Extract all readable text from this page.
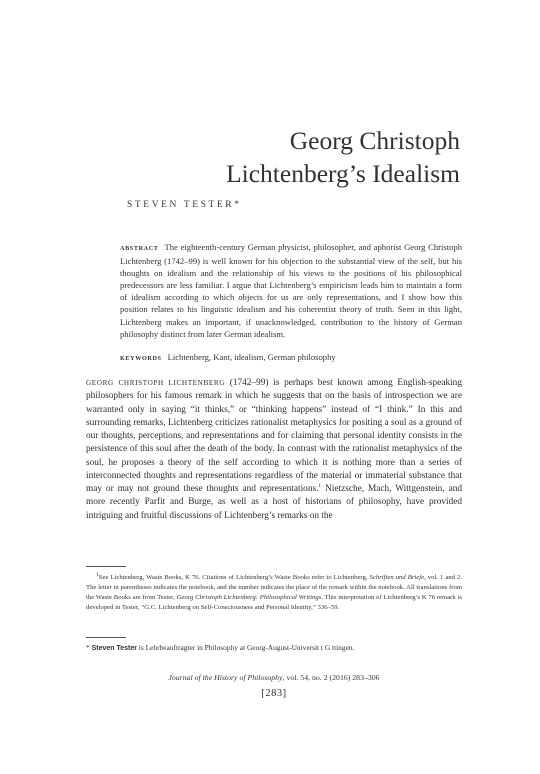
Georg Christoph
Lichtenberg’s Idealism
STEVEN TESTER*
ABSTRACT The eighteenth-century German physicist, philosopher, and aphorist Georg Christoph Lichtenberg (1742–99) is well known for his objection to the substantial view of the self, but his thoughts on idealism and the relationship of his views to the positions of his philosophical predecessors are less familiar. I argue that Lichtenberg’s empiricism leads him to maintain a form of idealism according to which objects for us are only representations, and I show how this position relates to his linguistic idealism and his coherentist theory of truth. Seen in this light, Lichtenberg makes an important, if unacknowledged, contribution to the history of German philosophy distinct from later German idealism.
KEYWORDS Lichtenberg, Kant, idealism, German philosophy
GEORG CHRISTOPH LICHTENBERG (1742–99) is perhaps best known among English-speaking philosophers for his famous remark in which he suggests that on the basis of introspection we are warranted only in saying “it thinks,” or “thinking happens” instead of “I think.” In this and surrounding remarks, Lichtenberg criticizes rationalist metaphysics for positing a soul as a ground of our thoughts, perceptions, and representations and for claiming that personal identity consists in the persistence of this soul after the death of the body. In contrast with the rationalist metaphysics of the soul, he proposes a theory of the self according to which it is nothing more than a series of interconnected thoughts and representations regardless of the material or immaterial substance that may or may not ground these thoughts and representations.$^1$ Nietzsche, Mach, Wittgenstein, and more recently Parfit and Burge, as well as a host of historians of philosophy, have provided intriguing and fruitful discussions of Lichtenberg’s remarks on the
$^1$See Lichtenberg, Waste Books, K 76. Citations of Lichtenberg’s Waste Books refer to Lichtenberg, Schriften und Briefe, vol. 1 and 2. The letter in parentheses indicates the notebook, and the number indicates the place of the remark within the notebook. All translations from the Waste Books are from Tester, Georg Christoph Lichtenberg: Philosophical Writings. This interpretation of Lichtenberg’s K 76 remark is developed in Tester, “G.C. Lichtenberg on Self-Consciousness and Personal Identity,” 336–59.
* Steven Tester is Lehrbeauftragter in Philosophy at Georg-August-Universit t G ttingen.
Journal of the History of Philosophy, vol. 54, no. 2 (2016) 283–306
[283]
